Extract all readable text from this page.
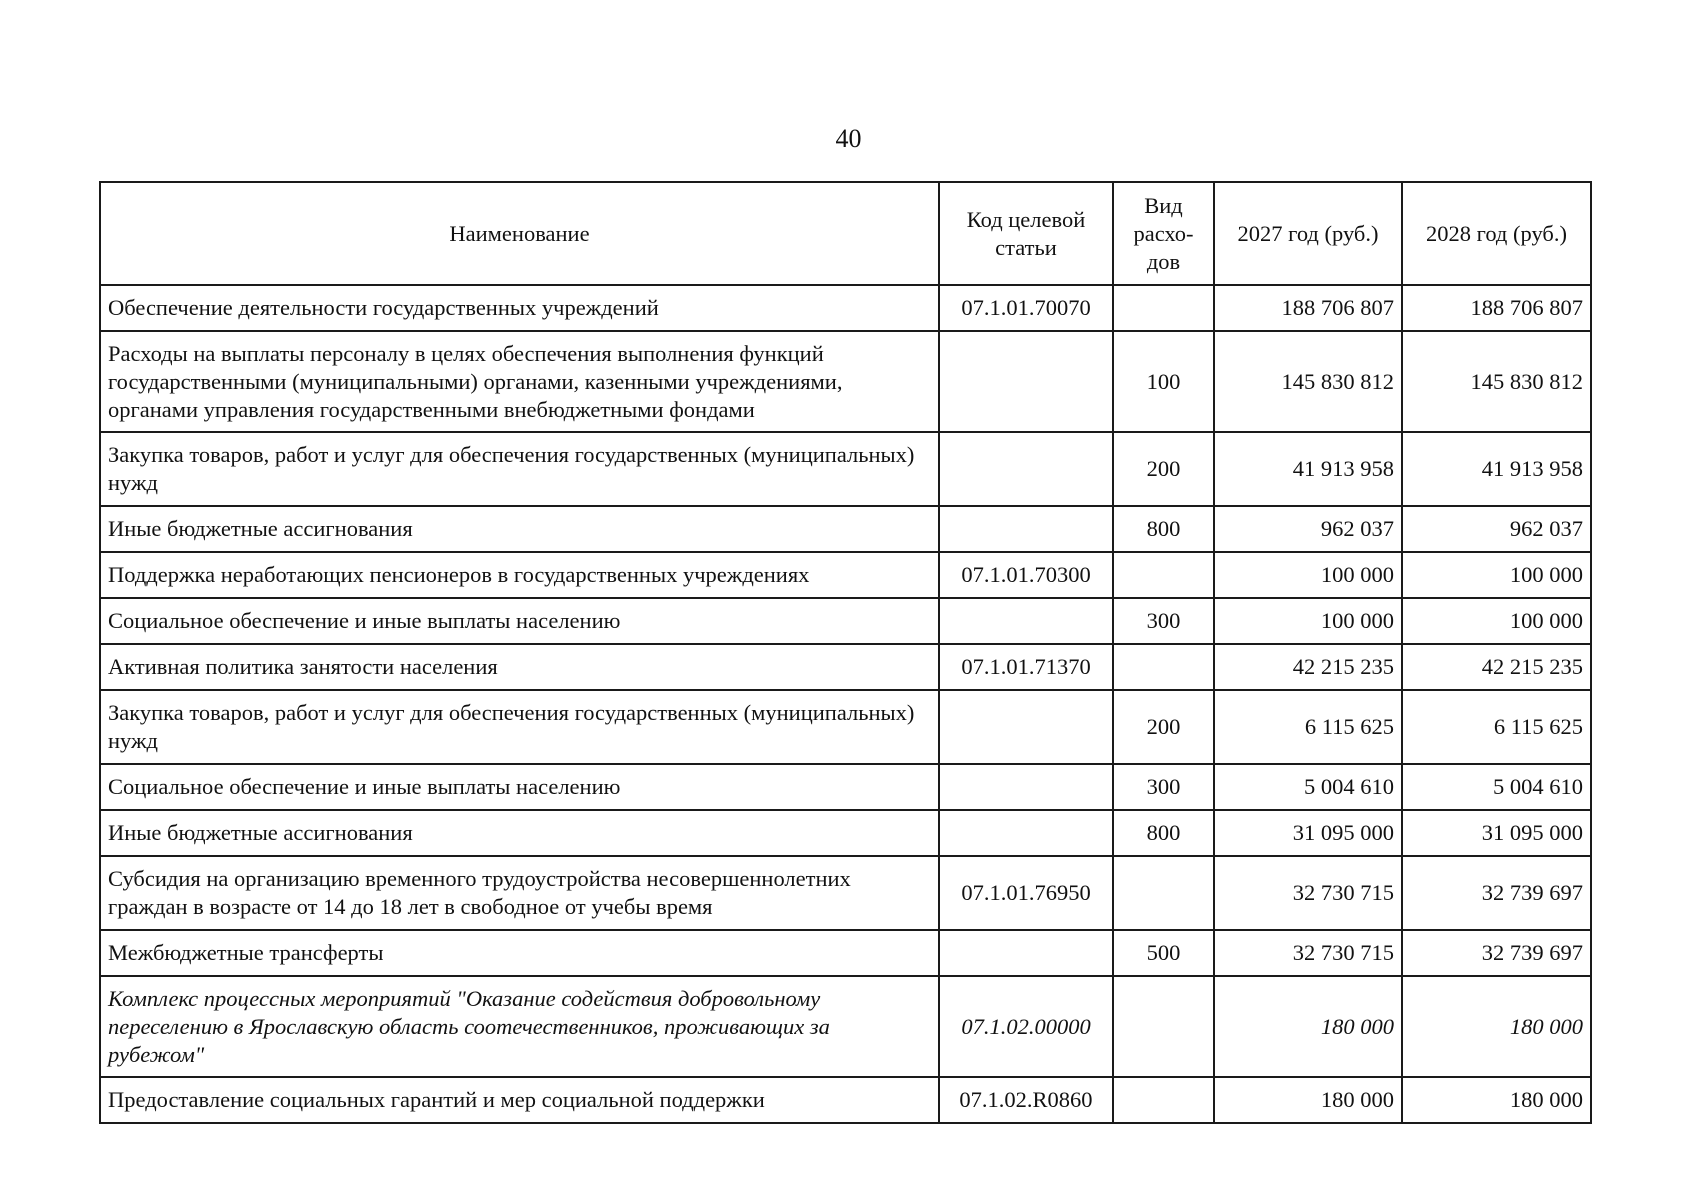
40
Наименование	Код целевой статьи	Вид расхо-дов	2027 год (руб.)	2028 год (руб.)
Обеспечение деятельности государственных учреждений	07.1.01.70070		188 706 807	188 706 807
Расходы на выплаты персоналу в целях обеспечения выполнения функций государственными (муниципальными) органами, казенными учреждениями, органами управления государственными внебюджетными фондами		100	145 830 812	145 830 812
Закупка товаров, работ и услуг для обеспечения государственных (муниципальных) нужд		200	41 913 958	41 913 958
Иные бюджетные ассигнования		800	962 037	962 037
Поддержка неработающих пенсионеров в государственных учреждениях	07.1.01.70300		100 000	100 000
Социальное обеспечение и иные выплаты населению		300	100 000	100 000
Активная политика занятости населения	07.1.01.71370		42 215 235	42 215 235
Закупка товаров, работ и услуг для обеспечения государственных (муниципальных) нужд		200	6 115 625	6 115 625
Социальное обеспечение и иные выплаты населению		300	5 004 610	5 004 610
Иные бюджетные ассигнования		800	31 095 000	31 095 000
Субсидия на организацию временного трудоустройства несовершеннолетних граждан в возрасте от 14 до 18 лет в свободное от учебы время	07.1.01.76950		32 730 715	32 739 697
Межбюджетные трансферты		500	32 730 715	32 739 697
Комплекс процессных мероприятий "Оказание содействия добровольному переселению в Ярославскую область соотечественников, проживающих за рубежом"	07.1.02.00000		180 000	180 000
Предоставление социальных гарантий и мер социальной поддержки	07.1.02.R0860		180 000	180 000
